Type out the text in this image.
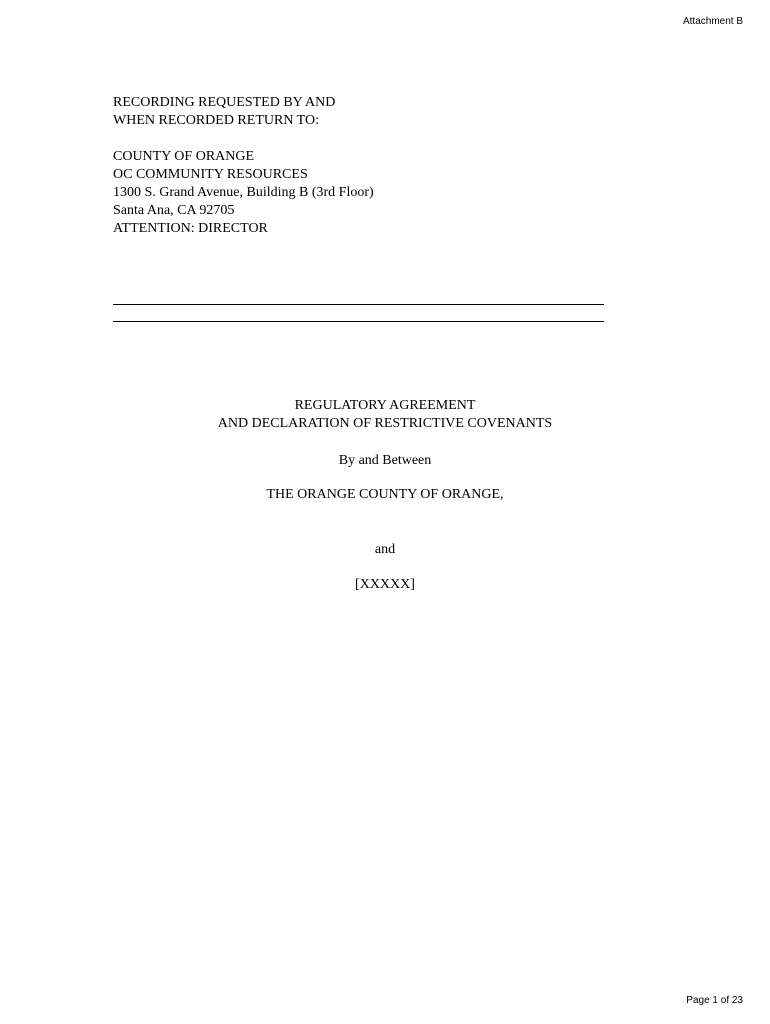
Attachment B
RECORDING REQUESTED BY AND
WHEN RECORDED RETURN TO:
COUNTY OF ORANGE
OC COMMUNITY RESOURCES
1300 S. Grand Avenue, Building B (3rd Floor)
Santa Ana, CA 92705
ATTENTION: DIRECTOR
REGULATORY AGREEMENT
AND DECLARATION OF RESTRICTIVE COVENANTS
By and Between
THE ORANGE COUNTY OF ORANGE,
and
[XXXXX]
Page 1 of 23
